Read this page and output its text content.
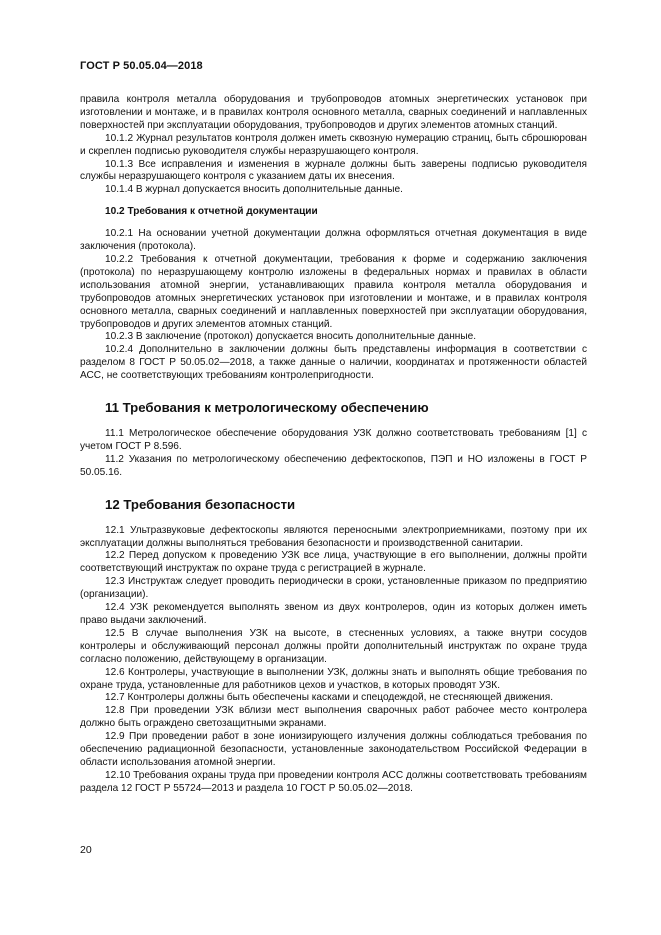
ГОСТ Р 50.05.04—2018

правила контроля металла оборудования и трубопроводов атомных энергетических установок при изготовлении и монтаже, и в правилах контроля основного металла, сварных соединений и наплавленных поверхностей при эксплуатации оборудования, трубопроводов и других элементов атомных станций.

10.1.2 Журнал результатов контроля должен иметь сквозную нумерацию страниц, быть сброшюрован и скреплен подписью руководителя службы неразрушающего контроля.

10.1.3 Все исправления и изменения в журнале должны быть заверены подписью руководителя службы неразрушающего контроля с указанием даты их внесения.

10.1.4 В журнал допускается вносить дополнительные данные.

10.2 Требования к отчетной документации

10.2.1 На основании учетной документации должна оформляться отчетная документация в виде заключения (протокола).

10.2.2 Требования к отчетной документации, требования к форме и содержанию заключения (протокола) по неразрушающему контролю изложены в федеральных нормах и правилах в области использования атомной энергии, устанавливающих правила контроля металла оборудования и трубопроводов атомных энергетических установок при изготовлении и монтаже, и в правилах контроля основного металла, сварных соединений и наплавленных поверхностей при эксплуатации оборудования, трубопроводов и других элементов атомных станций.

10.2.3 В заключение (протокол) допускается вносить дополнительные данные.

10.2.4 Дополнительно в заключении должны быть представлены информация в соответствии с разделом 8 ГОСТ Р 50.05.02—2018, а также данные о наличии, координатах и протяженности областей АСС, не соответствующих требованиям контролепригодности.

11 Требования к метрологическому обеспечению

11.1 Метрологическое обеспечение оборудования УЗК должно соответствовать требованиям [1] с учетом ГОСТ Р 8.596.

11.2 Указания по метрологическому обеспечению дефектоскопов, ПЭП и НО изложены в ГОСТ Р 50.05.16.

12 Требования безопасности

12.1 Ультразвуковые дефектоскопы являются переносными электроприемниками, поэтому при их эксплуатации должны выполняться требования безопасности и производственной санитарии.

12.2 Перед допуском к проведению УЗК все лица, участвующие в его выполнении, должны пройти соответствующий инструктаж по охране труда с регистрацией в журнале.

12.3 Инструктаж следует проводить периодически в сроки, установленные приказом по предприятию (организации).

12.4 УЗК рекомендуется выполнять звеном из двух контролеров, один из которых должен иметь право выдачи заключений.

12.5 В случае выполнения УЗК на высоте, в стесненных условиях, а также внутри сосудов контролеры и обслуживающий персонал должны пройти дополнительный инструктаж по охране труда согласно положению, действующему в организации.

12.6 Контролеры, участвующие в выполнении УЗК, должны знать и выполнять общие требования по охране труда, установленные для работников цехов и участков, в которых проводят УЗК.

12.7 Контролеры должны быть обеспечены касками и спецодеждой, не стесняющей движения.

12.8 При проведении УЗК вблизи мест выполнения сварочных работ рабочее место контролера должно быть ограждено светозащитными экранами.

12.9 При проведении работ в зоне ионизирующего излучения должны соблюдаться требования по обеспечению радиационной безопасности, установленные законодательством Российской Федерации в области использования атомной энергии.

12.10 Требования охраны труда при проведении контроля АСС должны соответствовать требованиям раздела 12 ГОСТ Р 55724—2013 и раздела 10 ГОСТ Р 50.05.02—2018.

20
